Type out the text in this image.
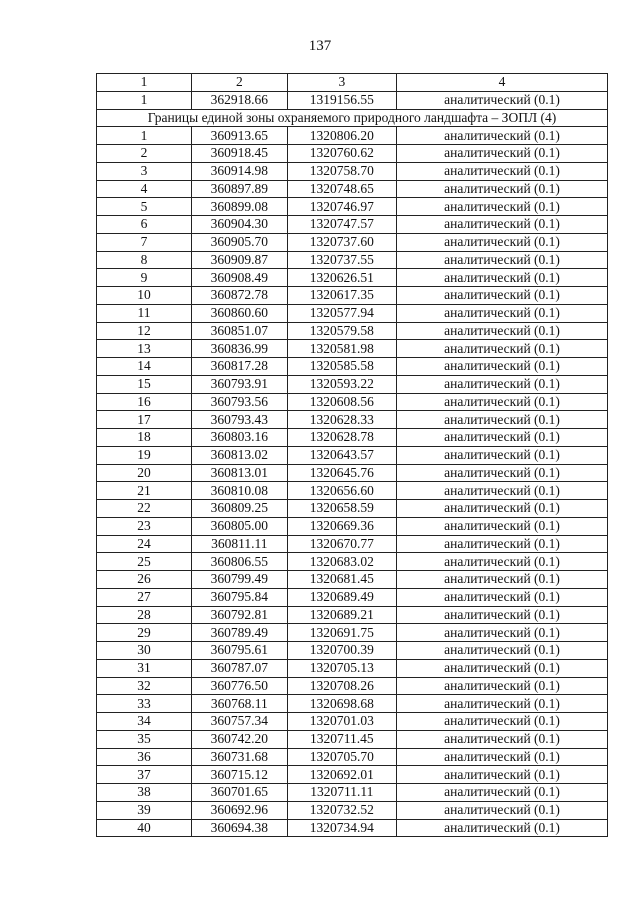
137
1	2	3	4
1	362918.66	1319156.55	аналитический (0.1)
Границы единой зоны охраняемого природного ландшафта – ЗОПЛ (4)			
1	360913.65	1320806.20	аналитический (0.1)
2	360918.45	1320760.62	аналитический (0.1)
3	360914.98	1320758.70	аналитический (0.1)
4	360897.89	1320748.65	аналитический (0.1)
5	360899.08	1320746.97	аналитический (0.1)
6	360904.30	1320747.57	аналитический (0.1)
7	360905.70	1320737.60	аналитический (0.1)
8	360909.87	1320737.55	аналитический (0.1)
9	360908.49	1320626.51	аналитический (0.1)
10	360872.78	1320617.35	аналитический (0.1)
11	360860.60	1320577.94	аналитический (0.1)
12	360851.07	1320579.58	аналитический (0.1)
13	360836.99	1320581.98	аналитический (0.1)
14	360817.28	1320585.58	аналитический (0.1)
15	360793.91	1320593.22	аналитический (0.1)
16	360793.56	1320608.56	аналитический (0.1)
17	360793.43	1320628.33	аналитический (0.1)
18	360803.16	1320628.78	аналитический (0.1)
19	360813.02	1320643.57	аналитический (0.1)
20	360813.01	1320645.76	аналитический (0.1)
21	360810.08	1320656.60	аналитический (0.1)
22	360809.25	1320658.59	аналитический (0.1)
23	360805.00	1320669.36	аналитический (0.1)
24	360811.11	1320670.77	аналитический (0.1)
25	360806.55	1320683.02	аналитический (0.1)
26	360799.49	1320681.45	аналитический (0.1)
27	360795.84	1320689.49	аналитический (0.1)
28	360792.81	1320689.21	аналитический (0.1)
29	360789.49	1320691.75	аналитический (0.1)
30	360795.61	1320700.39	аналитический (0.1)
31	360787.07	1320705.13	аналитический (0.1)
32	360776.50	1320708.26	аналитический (0.1)
33	360768.11	1320698.68	аналитический (0.1)
34	360757.34	1320701.03	аналитический (0.1)
35	360742.20	1320711.45	аналитический (0.1)
36	360731.68	1320705.70	аналитический (0.1)
37	360715.12	1320692.01	аналитический (0.1)
38	360701.65	1320711.11	аналитический (0.1)
39	360692.96	1320732.52	аналитический (0.1)
40	360694.38	1320734.94	аналитический (0.1)
